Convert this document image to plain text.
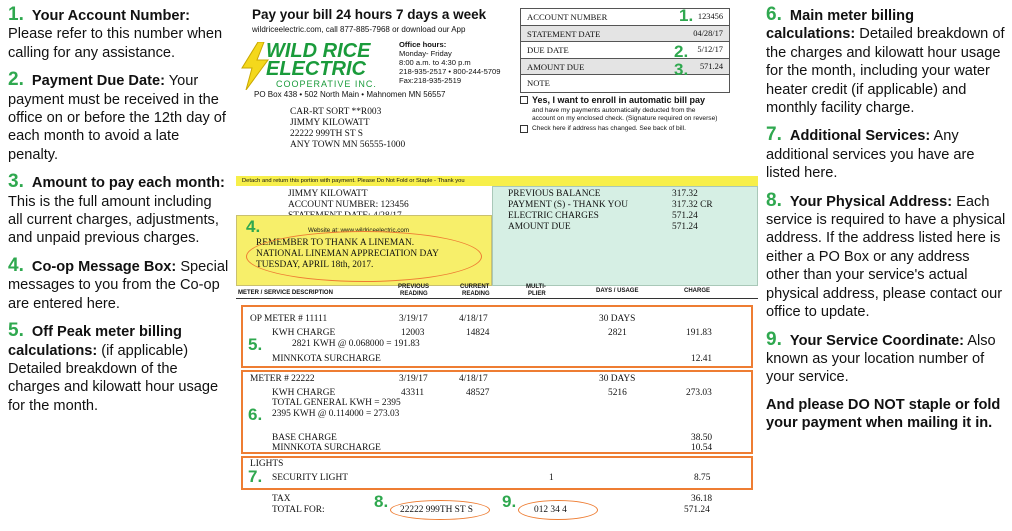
1. Your Account Number: Please refer to this number when calling for any assistance.
2. Payment Due Date: Your payment must be received in the office on or before the 12th day of each month to avoid a late penalty.
3. Amount to pay each month: This is the full amount including all current charges, adjustments, and unpaid previous charges.
4. Co-op Message Box: Special messages to you from the Co-op are entered here.
5. Off Peak meter billing calculations: (if applicable) Detailed breakdown of the charges and kilowatt hour usage for the month.
6. Main meter billing calculations: Detailed breakdown of the charges and kilowatt hour usage for the month, including your water heater credit (if applicable) and monthly facility charge.
7. Additional Services: Any additional services you have are listed here.
8. Your Physical Address: Each service is required to have a physical address. If the address listed here is either a PO Box or any address other than your service's actual physical address, please contact our office to update.
9. Your Service Coordinate: Also known as your location number of your service.
And please DO NOT staple or fold your payment when mailing it in.
Pay your bill 24 hours 7 days a week
wildriceelectric.com, call 877-885-7968 or download our App
WILD RICE
ELECTRIC
COOPERATIVE INC.
Office hours:
Monday- Friday
8:00 a.m. to 4:30 p.m
218-935-2517 • 800-244-5709
Fax:218-935-2519
PO Box 438 • 502 North Main • Mahnomen MN 56557
CAR-RT SORT **R003
JIMMY KILOWATT
22222 999TH ST S
ANY TOWN MN 56555-1000
ACCOUNT NUMBER	123456
STATEMENT DATE	04/28/17
DUE DATE	5/12/17
AMOUNT DUE	571.24
NOTE
1.
2.
3.
Yes, I want to enroll in automatic bill pay
and have my payments automatically deducted from the
account on my enclosed check. (Signature required on reverse)
Check here if address has changed. See back of bill.
Detach and return this portion with payment. Please Do Not Fold or Staple - Thank you
JIMMY KILOWATT
ACCOUNT NUMBER: 123456
Website at: www.wildriceelectric.com
REMEMBER TO THANK A LINEMAN.
NATIONAL LINEMAN APPRECIATION DAY
TUESDAY, APRIL 18th, 2017.
4.
PREVIOUS BALANCE	317.32
PAYMENT (S) - THANK YOU	317.32 CR
ELECTRIC CHARGES	571.24
AMOUNT DUE	571.24
METER / SERVICE DESCRIPTION
PREVIOUS
READING
CURRENT
READING
MULTI-
PLIER	DAYS / USAGE	CHARGE
OP METER # 11111	3/19/17	4/18/17	30 DAYS
KWH CHARGE	12003	14824	2821	191.83
2821 KWH @ 0.068000 = 191.83
MINNKOTA SURCHARGE	12.41
5.
METER # 22222	3/19/17	4/18/17	30 DAYS
KWH CHARGE	43311	48527	5216	273.03
TOTAL GENERAL KWH = 2395
2395 KWH @ 0.114000 = 273.03
BASE CHARGE	38.50
MINNKOTA SURCHARGE	10.54
6.
LIGHTS
SECURITY LIGHT	1	8.75
7.
TAX	36.18
TOTAL FOR:	571.24
22222 999TH ST S
8.	012 34 4
9.
